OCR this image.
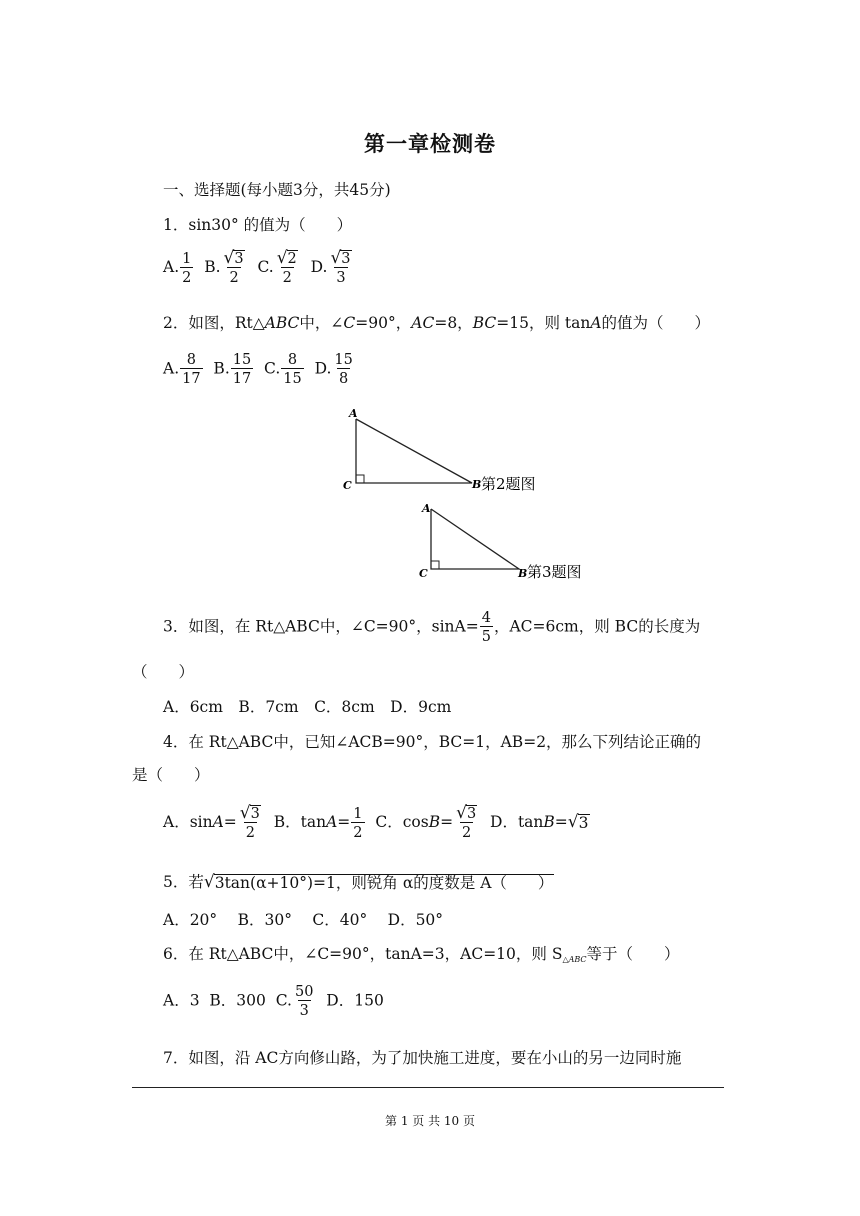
第一章检测卷
一、选择题(每小题3分，共45分)
1．sin30° 的值为（　　）
A. $\frac{1}{2} B$. $\frac{√ 3}{2} C$. $\frac{√ 2}{2} D$. $\frac{√ 3}{3}$
2．如图，Rt△ABC中，∠C=90°，AC=8，BC=15，则 tanA的值为（　　）
A. $\frac{8}{17} B$. $\frac{15}{17} C$. $\frac{8}{15} D$. $\frac{15}{8}$
A
C	B 第2题图
A
C	B 第3题图
3．如图，在 Rt△ABC中，∠C=90°，$\sin A= \frac{4}{5}$ ，AC=6cm，则 BC的长度为
（　　）
A．6cm　B．7cm　C．8cm　D．9cm
4．在 Rt△ABC中，已知∠ACB=90°，BC=1，AB=2，那么下列结论正确的
是（　　）
A．$\sin A= \frac{√ 3}{2}$ B．$\tan A= \frac{1}{2}$ C．$\cos B= \frac{√ 3}{2}$ D．tanB= √ 3
5．若 √ 3tan(α+10°)=1，则锐角 α的度数是 A（　　）
A．20°　 B．30°　 C．40°　 D．50°
6．在 Rt△ABC中，∠C=90°，tanA=3，AC=10，则 $S_{\triangle ABC}$等于（　　）
A．3  B．300  C. $\frac{50}{3}$ D．150
7．如图，沿 AC方向修山路，为了加快施工进度，要在小山的另一边同时施
第 1 页 共 10 页
